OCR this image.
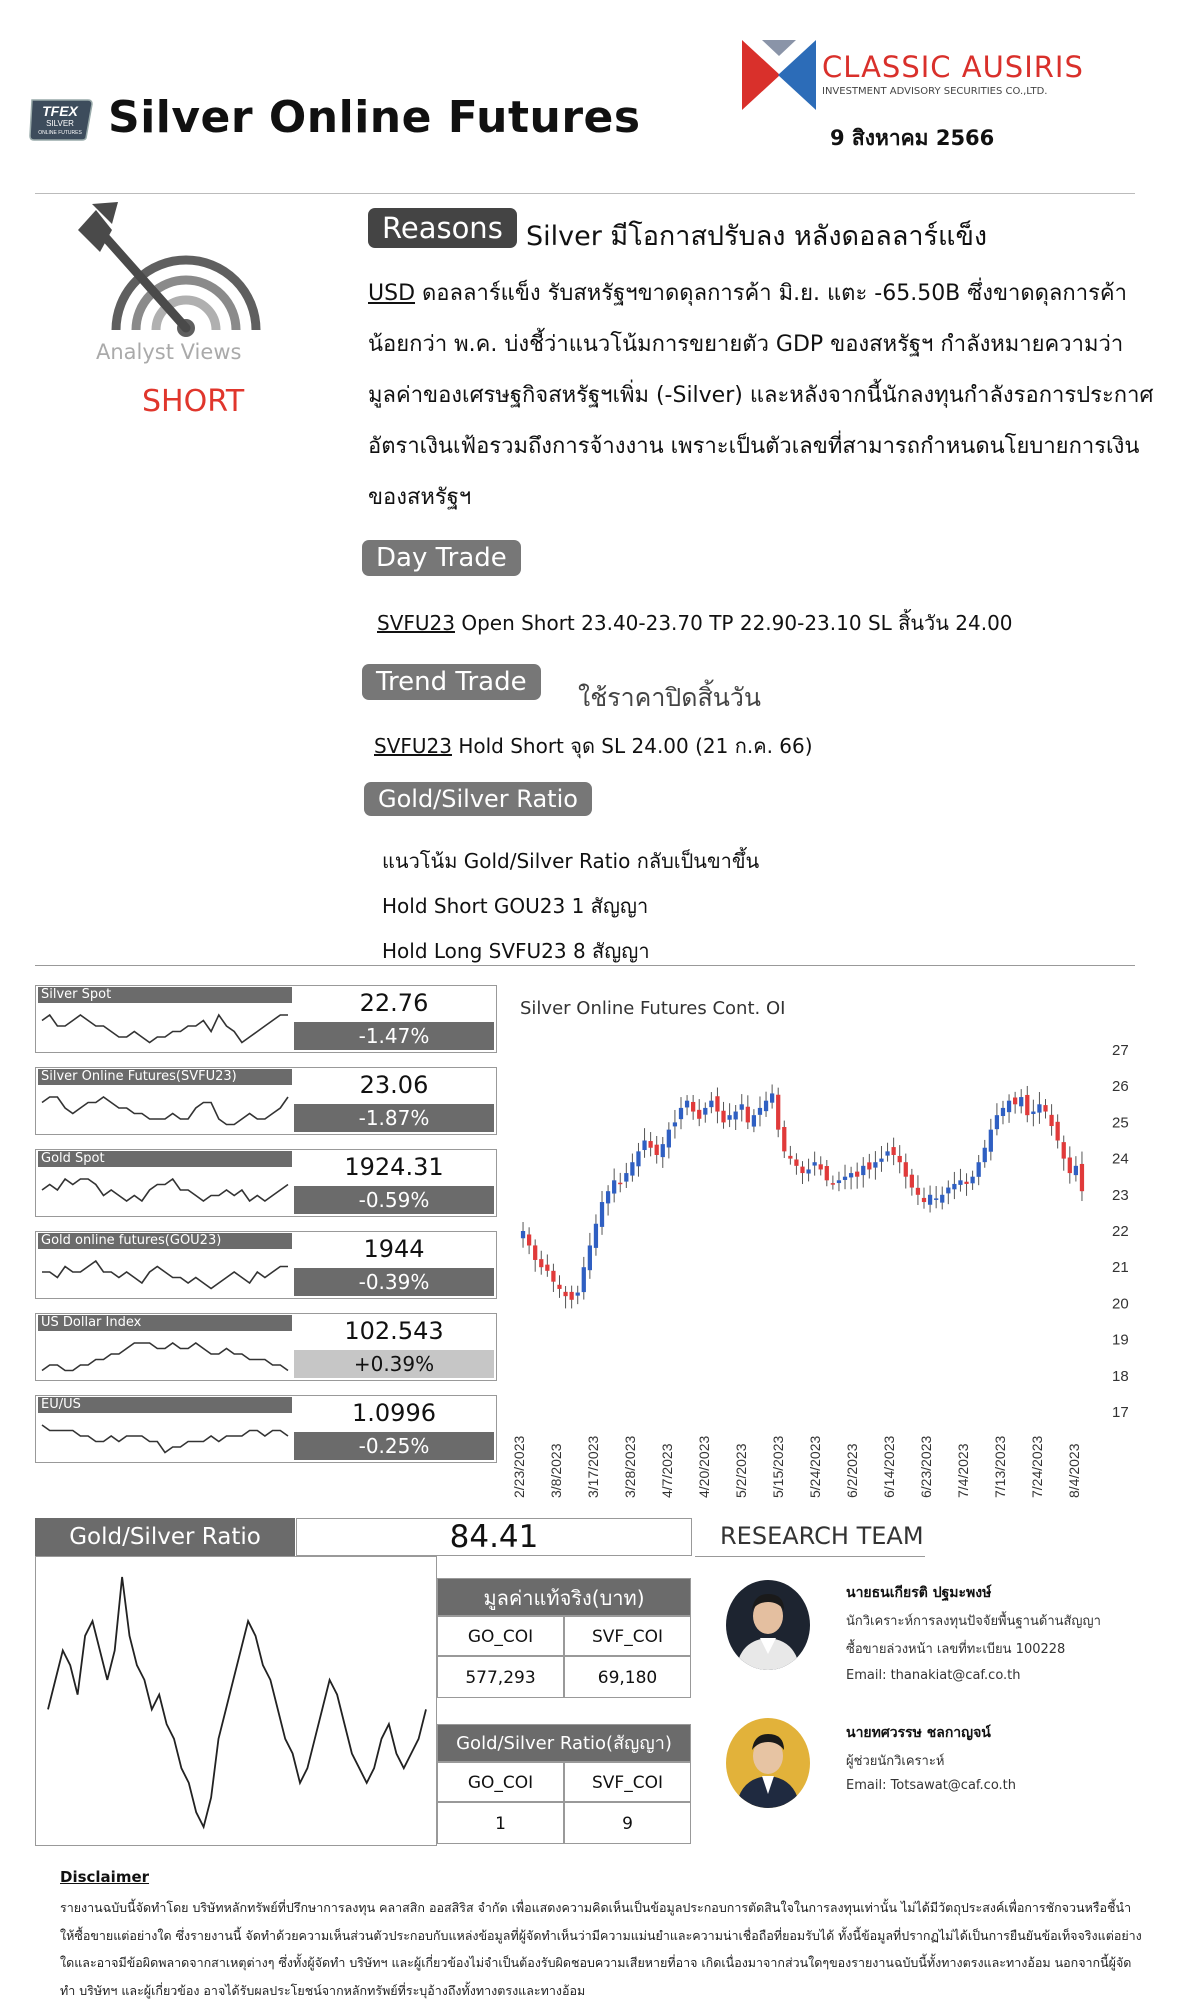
TFEX
SILVER
ONLINE FUTURES Silver Online Futures
CLASSIC AUSIRIS
INVESTMENT ADVISORY SECURITIES CO.,LTD.
9 สิงหาคม 2566
Analyst Views
SHORT
Reasons Silver มีโอกาสปรับลง หลังดอลลาร์แข็ง
USD ดอลลาร์แข็ง รับสหรัฐฯขาดดุลการค้า มิ.ย. แตะ -65.50B ซึ่งขาดดุลการค้าน้อยกว่า พ.ค. บ่งชี้ว่าแนวโน้มการขยายตัว GDP ของสหรัฐฯ กำลังหมายความว่ามูลค่าของเศรษฐกิจสหรัฐฯเพิ่ม (-Silver) และหลังจากนี้นักลงทุนกำลังรอการประกาศอัตราเงินเฟ้อรวมถึงการจ้างงาน เพราะเป็นตัวเลขที่สามารถกำหนดนโยบายการเงินของสหรัฐฯ
Day Trade
SVFU23 Open Short 23.40-23.70 TP 22.90-23.10 SL สิ้นวัน 24.00
Trend Trade
ใช้ราคาปิดสิ้นวัน
SVFU23 Hold Short จุด SL 24.00 (21 ก.ค. 66)
Gold/Silver Ratio
แนวโน้ม Gold/Silver Ratio กลับเป็นขาขึ้น
Hold Short GOU23 1 สัญญา
Hold Long SVFU23 8 สัญญา
Silver Spot	22.76
-1.47%
Silver Online Futures(SVFU23)	23.06
-1.87%
Gold Spot	1924.31
-0.59%
Gold online futures(GOU23)	1944
-0.39%
US Dollar Index	102.543
+0.39%
EU/US	1.0996
-0.25%
Silver Online Futures Cont. OI
17
18
19
20
21
22
23
24
25
26
27
2/23/2023 3/8/2023 3/17/2023 3/28/2023 4/7/2023 4/20/2023 5/2/2023 5/15/2023 5/24/2023 6/2/2023 6/14/2023 6/23/2023 7/4/2023 7/13/2023 7/24/2023 8/4/2023
Gold/Silver Ratio	84.41	RESEARCH TEAM
มูลค่าแท้จริง(บาท)
GO_COI	SVF_COI
577,293	69,180
Gold/Silver Ratio(สัญญา)
GO_COI	SVF_COI
1	9
นายธนเกียรติ ปฐมะพงษ์
นักวิเคราะห์การลงทุนปัจจัยพื้นฐานด้านสัญญา
ซื้อขายล่วงหน้า เลขที่ทะเบียน 100228
Email: thanakiat@caf.co.th
นายทศวรรษ ชลกาญจน์
ผู้ช่วยนักวิเคราะห์
Email: Totsawat@caf.co.th
Disclaimer
รายงานฉบับนี้จัดทำโดย บริษัทหลักทรัพย์ที่ปรึกษาการลงทุน คลาสสิก ออสสิริส จำกัด เพื่อแสดงความคิดเห็นเป็นข้อมูลประกอบการตัดสินใจในการลงทุนเท่านั้น ไม่ได้มีวัตถุประสงค์เพื่อการชักจวนหรือชี้นำให้ซื้อขายแต่อย่างใด ซึ่งรายงานนี้ จัดทำด้วยความเห็นส่วนตัวประกอบกับแหล่งข้อมูลที่ผู้จัดทำเห็นว่ามีความแม่นยำและความน่าเชื่อถือที่ยอมรับได้ ทั้งนี้ข้อมูลที่ปรากฏไม่ได้เป็นการยืนยันข้อเท็จจริงแต่อย่างใดและอาจมีข้อผิดพลาดจากสาเหตุต่างๆ ซึ่งทั้งผู้จัดทำ บริษัทฯ และผู้เกี่ยวข้องไม่จำเป็นต้องรับผิดชอบความเสียหายที่อาจ เกิดเนื่องมาจากส่วนใดๆของรายงานฉบับนี้ทั้งทางตรงและทางอ้อม นอกจากนี้ผู้จัดทำ บริษัทฯ และผู้เกี่ยวข้อง อาจได้รับผลประโยชน์จากหลักทรัพย์ที่ระบุอ้างถึงทั้งทางตรงและทางอ้อม
